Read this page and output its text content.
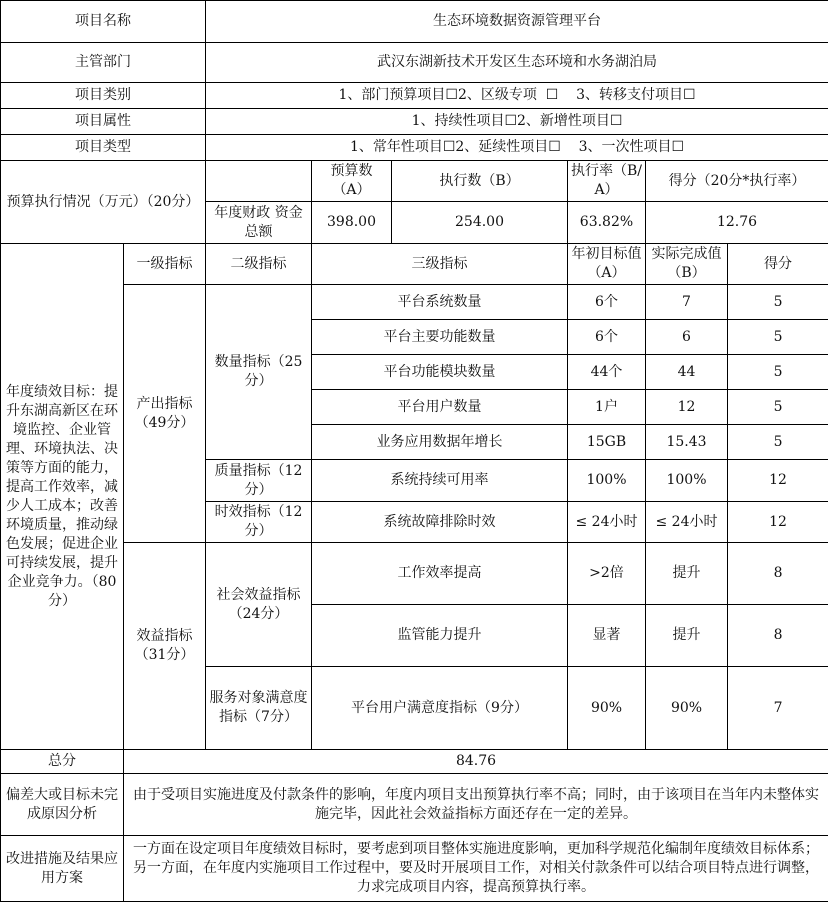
项目名称		生态环境数据资源管理平台					
主管部门		武汉东湖新技术开发区生态环境和水务湖泊局					
项目类别		1、部门预算项目☐2、区级专项  ☐    3、转移支付项目☐					
项目属性		1、持续性项目☐2、新增性项目☐					
项目类型		1、常年性项目☐2、延续性项目☐    3、一次性项目☐					
预算执行情况（万元）（20分）			预算数（A）	执行数（B）	执行率（B/A）	得分（20分*执行率）	
		年度财政 资金总额	398.00	254.00	63.82%	12.76	
年度绩效目标：提升东湖高新区在环境监控、企业管理、环境执法、决策等方面的能力，提高工作效率，减少人工成本；改善环境质量，推动绿色发展；促进企业可持续发展，提升企业竞争力。（80分）	一级指标	二级指标	三级指标		年初目标值（A）	实际完成值（B）	得分
	产出指标（49分）	数量指标（25分）	平台系统数量		6个	7	5
			平台主要功能数量		6个	6	5
			平台功能模块数量		44个	44	5
			平台用户数量		1户	12	5
			业务应用数据年增长		15GB	15.43	5
		质量指标（12分）	系统持续可用率		100%	100%	12
		时效指标（12分）	系统故障排除时效		≤ 24小时	≤ 24小时	12
	效益指标（31分）	社会效益指标（24分）	工作效率提高		>2倍	提升	8
			监管能力提升		显著	提升	8
		服务对象满意度指标（7分）	平台用户满意度指标（9分）		90%	90%	7
总分	84.76						
偏差大或目标未完成原因分析	由于受项目实施进度及付款条件的影响，年度内项目支出预算执行率不高；同时，由于该项目在当年内未整体实施完毕，因此社会效益指标方面还存在一定的差异。						
改进措施及结果应用方案	一方面在设定项目年度绩效目标时，要考虑到项目整体实施进度影响，更加科学规范化编制年度绩效目标体系；另一方面，在年度内实施项目工作过程中，要及时开展项目工作，对相关付款条件可以结合项目特点进行调整，力求完成项目内容，提高预算执行率。						
